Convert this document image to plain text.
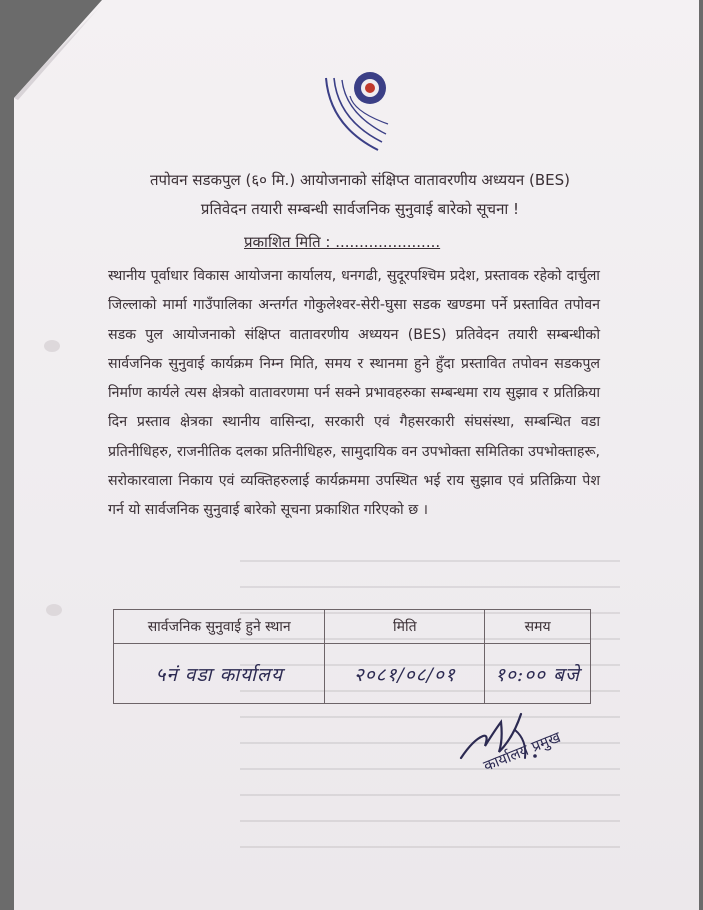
तपोवन सडकपुल (६० मि.) आयोजनाको संक्षिप्त वातावरणीय अध्ययन (BES)
प्रतिवेदन तयारी सम्बन्धी सार्वजनिक सुनुवाई बारेको सूचना !
प्रकाशित मिति : ......................
स्थानीय पूर्वाधार विकास आयोजना कार्यालय, धनगढी, सुदूरपश्चिम प्रदेश, प्रस्तावक रहेको दार्चुला जिल्लाको मार्मा गाउँपालिका अन्तर्गत गोकुलेश्वर-सेरी-घुसा सडक खण्डमा पर्ने प्रस्तावित तपोवन सडक पुल आयोजनाको संक्षिप्त वातावरणीय अध्ययन (BES) प्रतिवेदन तयारी सम्बन्धीको सार्वजनिक सुनुवाई कार्यक्रम निम्न मिति, समय र स्थानमा हुने हुँदा प्रस्तावित तपोवन सडकपुल निर्माण कार्यले त्यस क्षेत्रको वातावरणमा पर्न सक्ने प्रभावहरुका सम्बन्धमा राय सुझाव र प्रतिक्रिया दिन प्रस्ताव क्षेत्रका स्थानीय वासिन्दा, सरकारी एवं गैहसरकारी संघसंस्था, सम्बन्धित वडा प्रतिनीधिहरु, राजनीतिक दलका प्रतिनीधिहरु, सामुदायिक वन उपभोक्ता समितिका उपभोक्ताहरू, सरोकारवाला निकाय एवं व्यक्तिहरुलाई कार्यक्रममा उपस्थित भई राय सुझाव एवं प्रतिक्रिया पेश गर्न यो सार्वजनिक सुनुवाई बारेको सूचना प्रकाशित गरिएको छ ।
सार्वजनिक सुनुवाई हुने स्थान	मिति	समय
५नं वडा कार्यालय	२०८१/०८/०१	१०:०० बजे
कार्यालय प्रमुख
